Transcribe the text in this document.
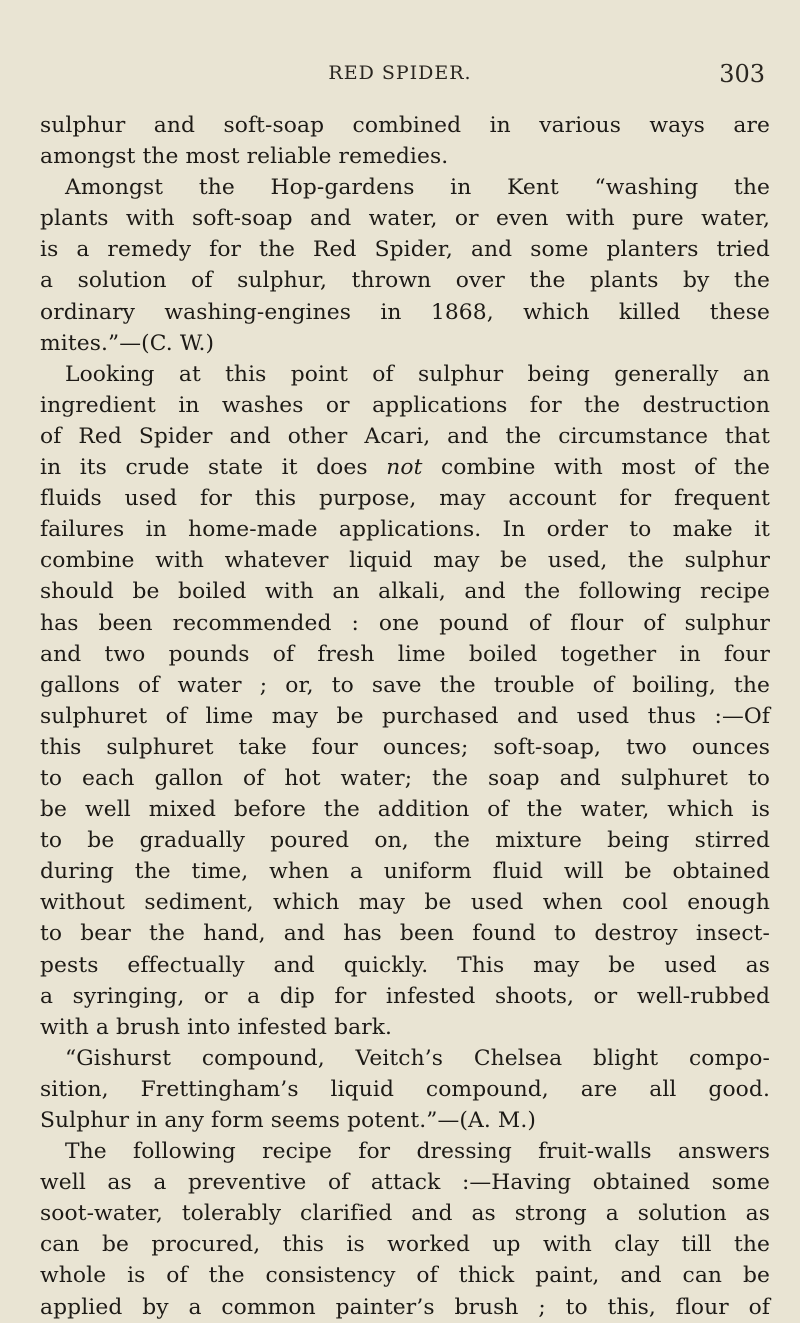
RED SPIDER.	303
sulphur and soft-soap combined in various ways are
amongst the most reliable remedies.
Amongst the Hop-gardens in Kent “washing the
plants with soft-soap and water, or even with pure water,
is a remedy for the Red Spider, and some planters tried
a solution of sulphur, thrown over the plants by the
ordinary washing-engines in 1868, which killed these
mites.”—(C. W.)
Looking at this point of sulphur being generally an
ingredient in washes or applications for the destruction
of Red Spider and other Acari, and the circumstance that
in its crude state it does not combine with most of the
fluids used for this purpose, may account for frequent
failures in home-made applications. In order to make it
combine with whatever liquid may be used, the sulphur
should be boiled with an alkali, and the following recipe
has been recommended : one pound of flour of sulphur
and two pounds of fresh lime boiled together in four
gallons of water ; or, to save the trouble of boiling, the
sulphuret of lime may be purchased and used thus :—Of
this sulphuret take four ounces; soft-soap, two ounces
to each gallon of hot water; the soap and sulphuret to
be well mixed before the addition of the water, which is
to be gradually poured on, the mixture being stirred
during the time, when a uniform fluid will be obtained
without sediment, which may be used when cool enough
to bear the hand, and has been found to destroy insect-
pests effectually and quickly. This may be used as
a syringing, or a dip for infested shoots, or well-rubbed
with a brush into infested bark.
“Gishurst compound, Veitch’s Chelsea blight compo-
sition, Frettingham’s liquid compound, are all good.
Sulphur in any form seems potent.”—(A. M.)
The following recipe for dressing fruit-walls answers
well as a preventive of attack :—Having obtained some
soot-water, tolerably clarified and as strong a solution as
can be procured, this is worked up with clay till the
whole is of the consistency of thick paint, and can be
applied by a common painter’s brush ; to this, flour of
